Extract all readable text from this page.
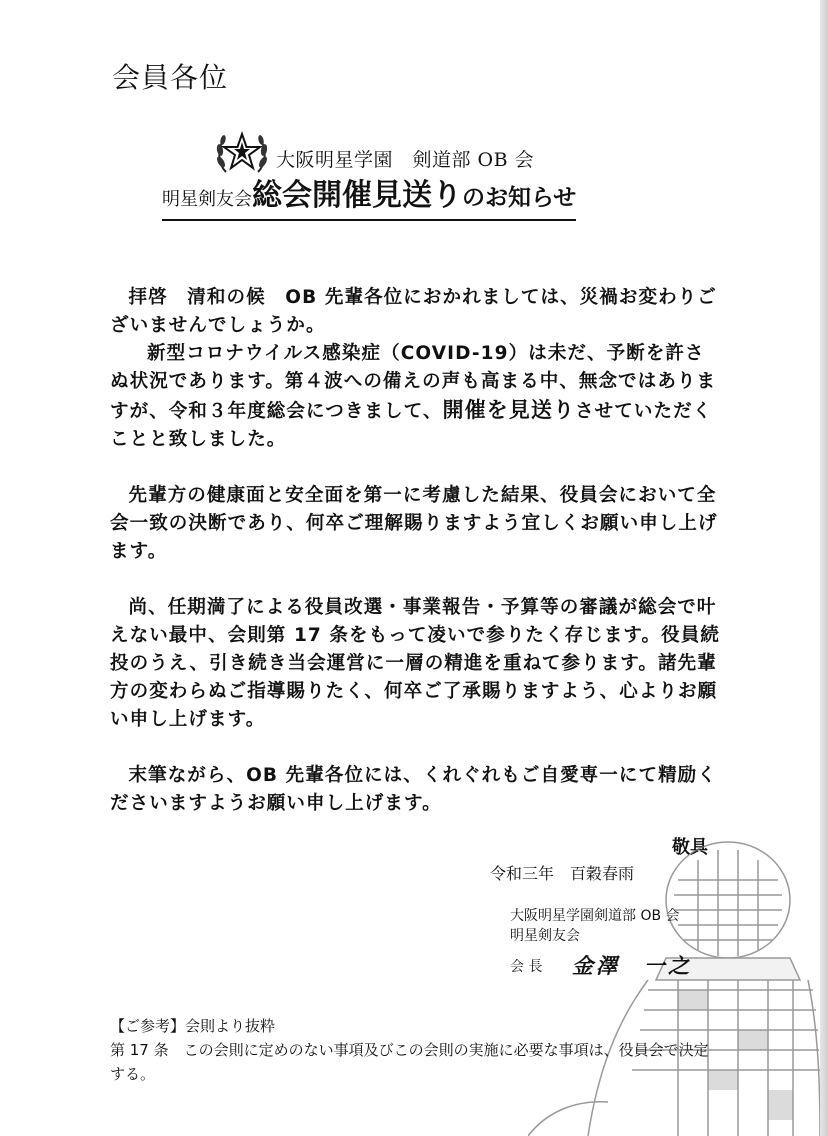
会員各位
大阪明星学園　剣道部 OB 会
明星剣友会総会開催見送りのお知らせ

拝啓　清和の候　OB 先輩各位におかれましては、災禍お変わりございませんでしょうか。

新型コロナウイルス感染症（COVID-19）は未だ、予断を許さぬ状況であります。第４波への備えの声も高まる中、無念ではありますが、令和３年度総会につきまして、開催を見送りさせていただくことと致しました。

先輩方の健康面と安全面を第一に考慮した結果、役員会において全会一致の決断であり、何卒ご理解賜りますよう宜しくお願い申し上げます。

尚、任期満了による役員改選・事業報告・予算等の審議が総会で叶えない最中、会則第 17 条をもって凌いで参りたく存じます。役員続投のうえ、引き続き当会運営に一層の精進を重ねて参ります。諸先輩方の変わらぬご指導賜りたく、何卒ご了承賜りますよう、心よりお願い申し上げます。

末筆ながら、OB 先輩各位には、くれぐれもご自愛専一にて精励くださいますようお願い申し上げます。

敬具
令和三年　百穀春雨
大阪明星学園剣道部 OB 会
明星剣友会
会 長 金澤　一之
【ご参考】会則より抜粋
第 17 条　この会則に定めのない事項及びこの会則の実施に必要な事項は、役員会で決定する。
